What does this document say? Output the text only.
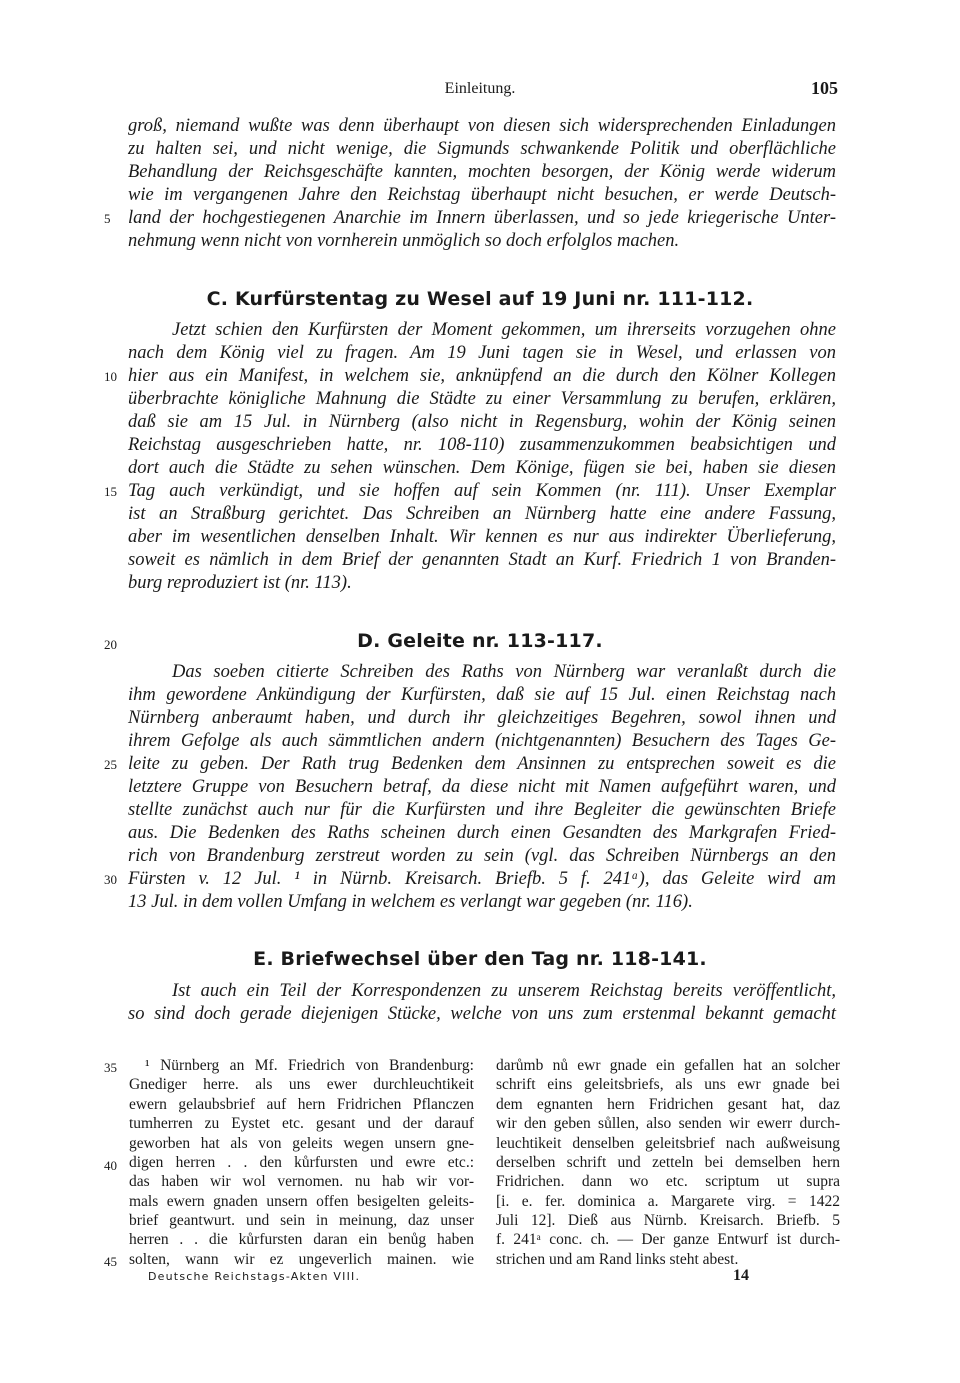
Einleitung.	105
groß, niemand wußte was denn überhaupt von diesen sich widersprechenden Einladungen
zu halten sei, und nicht wenige, die Sigmunds schwankende Politik und oberflächliche
Behandlung der Reichsgeschäfte kannten, mochten besorgen, der König werde widerum
wie im vergangenen Jahre den Reichstag überhaupt nicht besuchen, er werde Deutsch-
land der hochgestiegenen Anarchie im Innern überlassen, und so jede kriegerische Unter-
nehmung wenn nicht von vornherein unmöglich so doch erfolglos machen.
C. Kurfürstentag zu Wesel auf 19 Juni nr. 111-112.
Jetzt schien den Kurfürsten der Moment gekommen, um ihrerseits vorzugehen ohne
nach dem König viel zu fragen. Am 19 Juni tagen sie in Wesel, und erlassen von
hier aus ein Manifest, in welchem sie, anknüpfend an die durch den Kölner Kollegen
überbrachte königliche Mahnung die Städte zu einer Versammlung zu berufen, erklären,
daß sie am 15 Jul. in Nürnberg (also nicht in Regensburg, wohin der König seinen
Reichstag ausgeschrieben hatte, nr. 108-110) zusammenzukommen beabsichtigen und
dort auch die Städte zu sehen wünschen. Dem Könige, fügen sie bei, haben sie diesen
Tag auch verkündigt, und sie hoffen auf sein Kommen (nr. 111). Unser Exemplar
ist an Straßburg gerichtet. Das Schreiben an Nürnberg hatte eine andere Fassung,
aber im wesentlichen denselben Inhalt. Wir kennen es nur aus indirekter Überlieferung,
soweit es nämlich in dem Brief der genannten Stadt an Kurf. Friedrich 1 von Branden-
burg reproduziert ist (nr. 113).
D. Geleite nr. 113-117.
Das soeben citierte Schreiben des Raths von Nürnberg war veranlaßt durch die
ihm gewordene Ankündigung der Kurfürsten, daß sie auf 15 Jul. einen Reichstag nach
Nürnberg anberaumt haben, und durch ihr gleichzeitiges Begehren, sowol ihnen und
ihrem Gefolge als auch sämmtlichen andern (nichtgenannten) Besuchern des Tages Ge-
leite zu geben. Der Rath trug Bedenken dem Ansinnen zu entsprechen soweit es die
letztere Gruppe von Besuchern betraf, da diese nicht mit Namen aufgeführt waren, und
stellte zunächst auch nur für die Kurfürsten und ihre Begleiter die gewünschten Briefe
aus. Die Bedenken des Raths scheinen durch einen Gesandten des Markgrafen Fried-
rich von Brandenburg zerstreut worden zu sein (vgl. das Schreiben Nürnbergs an den
Fürsten v. 12 Jul. ¹ in Nürnb. Kreisarch. Briefb. 5 f. 241ᵃ), das Geleite wird am
13 Jul. in dem vollen Umfang in welchem es verlangt war gegeben (nr. 116).
E. Briefwechsel über den Tag nr. 118-141.
Ist auch ein Teil der Korrespondenzen zu unserem Reichstag bereits veröffentlicht,
so sind doch gerade diejenigen Stücke, welche von uns zum erstenmal bekannt gemacht
5
10
15
20
25
30
35
40
45
¹ Nürnberg an Mf. Friedrich von Brandenburg:
Gnediger herre. als uns ewer durchleuchtikeit
ewern gelaubsbrief auf hern Fridrichen Pflanczen
tumherren zu Eystet etc. gesant und der darauf
geworben hat als von geleits wegen unsern gne-
digen herren . . den kůrfursten und ewre etc.:
das haben wir wol vernomen. nu hab wir vor-
mals ewern gnaden unsern offen besigelten geleits-
brief geantwurt. und sein in meinung, daz unser
herren . . die kůrfursten daran ein benůg haben
solten, wann wir ez ungeverlich mainen. wie
darůmb nů ewr gnade ein gefallen hat an solcher
schrift eins geleitsbriefs, als uns ewr gnade bei
dem egnanten hern Fridrichen gesant hat, daz
wir den geben sůllen, also senden wir ewerr durch-
leuchtikeit denselben geleitsbrief nach außweisung
derselben schrift und zetteln bei demselben hern
Fridrichen. dann wo etc. scriptum ut supra
[i. e. fer. dominica a. Margarete virg. = 1422
Juli 12]. Dieß aus Nürnb. Kreisarch. Briefb. 5
f. 241ᵃ conc. ch. — Der ganze Entwurf ist durch-
strichen und am Rand links steht abest.
Deutsche Reichstags-Akten VIII.	14
